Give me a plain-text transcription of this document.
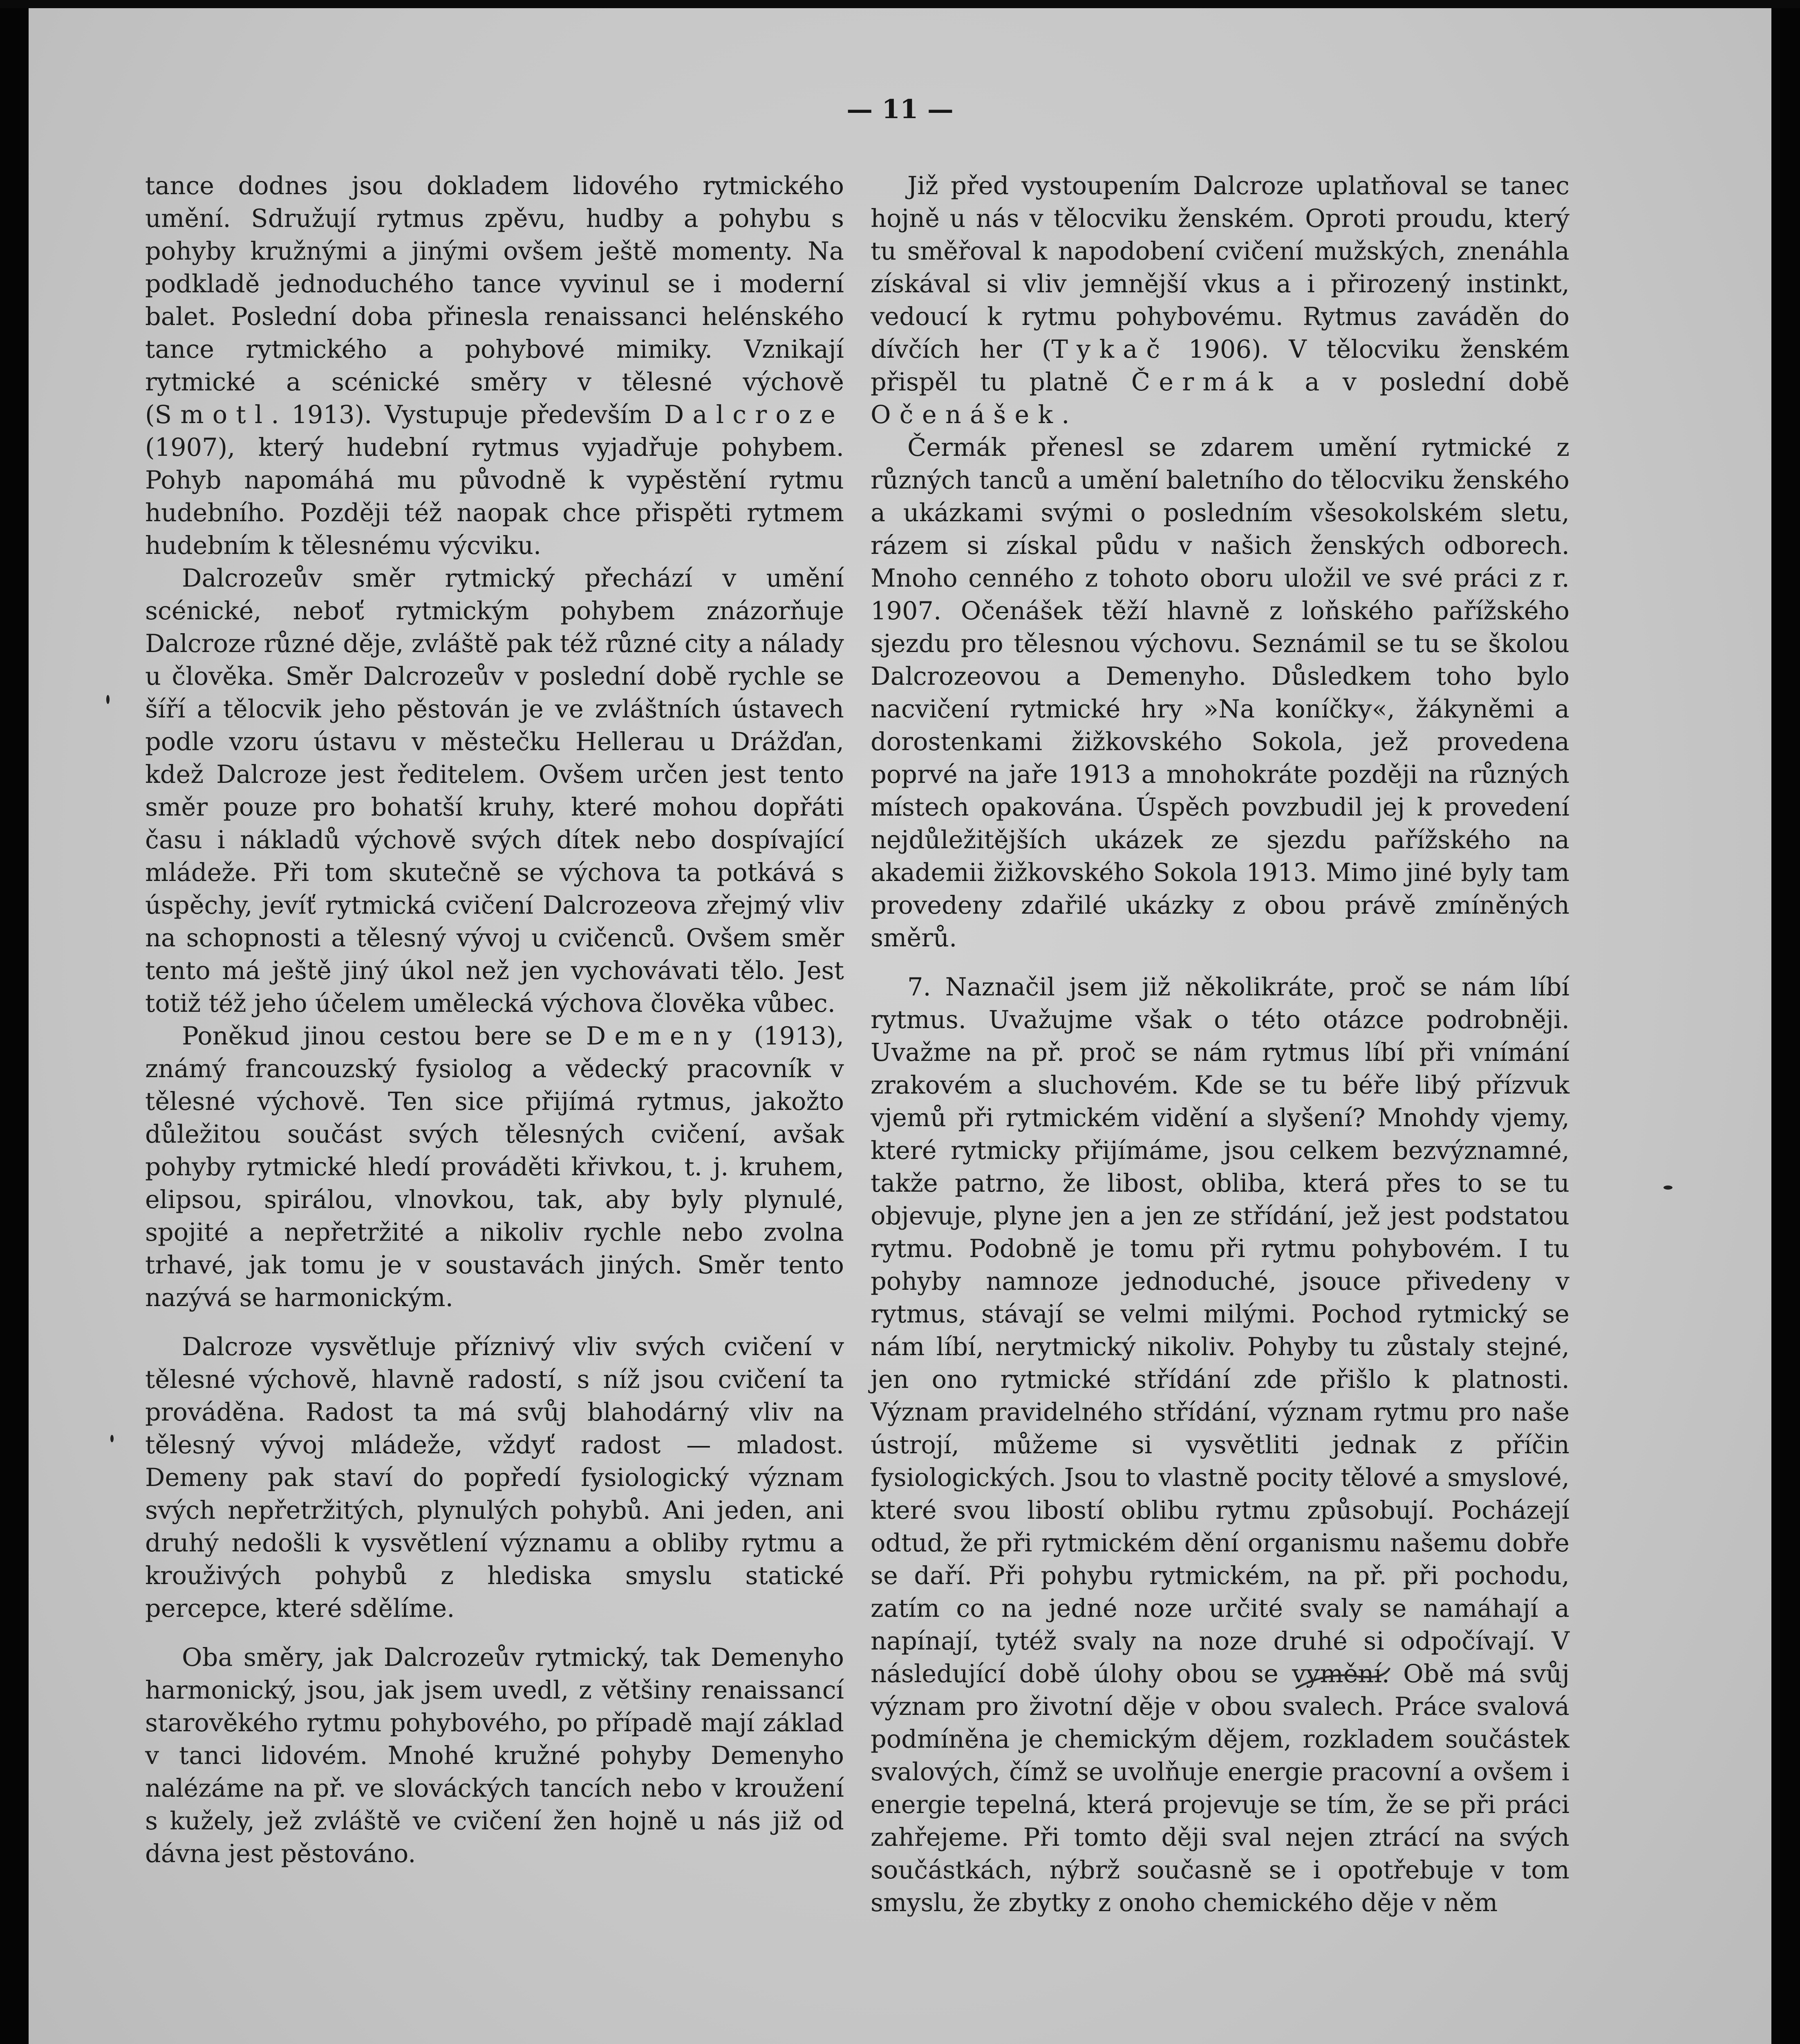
— 11 —

tance dodnes jsou dokladem lidového rytmického umění. Sdružují rytmus zpěvu, hudby a pohybu s pohyby kružnými a jinými ovšem ještě momenty. Na podkladě jednoduchého tance vyvinul se i moderní balet. Poslední doba přinesla renaissanci helénského tance rytmického a pohybové mimiky. Vznikají rytmické a scénické směry v tělesné výchově (Smotl. 1913). Vystupuje především Dalcroze (1907), který hudební rytmus vyjadřuje pohybem. Pohyb napomáhá mu původně k vypěstění rytmu hudebního. Později též naopak chce přispěti rytmem hudebním k tělesnému výcviku.

Dalcrozeův směr rytmický přechází v umění scénické, neboť rytmickým pohybem znázorňuje Dalcroze různé děje, zvláště pak též různé city a nálady u člověka. Směr Dalcrozeův v poslední době rychle se šíří a tělocvik jeho pěstován je ve zvláštních ústavech podle vzoru ústavu v městečku Hellerau u Drážďan, kdež Dalcroze jest ředitelem. Ovšem určen jest tento směr pouze pro bohatší kruhy, které mohou dopřáti času i nákladů výchově svých dítek nebo dospívající mládeže. Při tom skutečně se výchova ta potkává s úspěchy, jevíť rytmická cvičení Dalcrozeova zřejmý vliv na schopnosti a tělesný vývoj u cvičenců. Ovšem směr tento má ještě jiný úkol než jen vychovávati tělo. Jest totiž též jeho účelem umělecká výchova člověka vůbec.

Poněkud jinou cestou bere se Demeny (1913), známý francouzský fysiolog a vědecký pracovník v tělesné výchově. Ten sice přijímá rytmus, jakožto důležitou součást svých tělesných cvičení, avšak pohyby rytmické hledí prováděti křivkou, t. j. kruhem, elipsou, spirálou, vlnovkou, tak, aby byly plynulé, spojité a nepřetržité a nikoliv rychle nebo zvolna trhavé, jak tomu je v soustavách jiných. Směr tento nazývá se harmonickým.

Dalcroze vysvětluje příznivý vliv svých cvičení v tělesné výchově, hlavně radostí, s níž jsou cvičení ta prováděna. Radost ta má svůj blahodárný vliv na tělesný vývoj mládeže, vždyť radost — mladost. Demeny pak staví do popředí fysiologický význam svých nepřetržitých, plynulých pohybů. Ani jeden, ani druhý nedošli k vysvětlení významu a obliby rytmu a krouživých pohybů z hlediska smyslu statické percepce, které sdělíme.

Oba směry, jak Dalcrozeův rytmický, tak Demenyho harmonický, jsou, jak jsem uvedl, z většiny renaissancí starověkého rytmu pohybového, po případě mají základ v tanci lidovém. Mnohé kružné pohyby Demenyho nalézáme na př. ve slováckých tancích nebo v kroužení s kužely, jež zvláště ve cvičení žen hojně u nás již od dávna jest pěstováno.

Již před vystoupením Dalcroze uplatňoval se tanec hojně u nás v tělocviku ženském. Oproti proudu, který tu směřoval k napodobení cvičení mužských, znenáhla získával si vliv jemnější vkus a i přirozený instinkt, vedoucí k rytmu pohybovému. Rytmus zaváděn do dívčích her (Tykač 1906). V tělocviku ženském přispěl tu platně Čermák a v poslední době Očenášek.

Čermák přenesl se zdarem umění rytmické z různých tanců a umění baletního do tělocviku ženského a ukázkami svými o posledním všesokolském sletu, rázem si získal půdu v našich ženských odborech. Mnoho cenného z tohoto oboru uložil ve své práci z r. 1907. Očenášek těží hlavně z loňského pařížského sjezdu pro tělesnou výchovu. Seznámil se tu se školou Dalcrozeovou a Demenyho. Důsledkem toho bylo nacvičení rytmické hry »Na koníčky«, žákyněmi a dorostenkami žižkovského Sokola, jež provedena poprvé na jaře 1913 a mnohokráte později na různých místech opakována. Úspěch povzbudil jej k provedení nejdůležitějších ukázek ze sjezdu pařížského na akademii žižkovského Sokola 1913. Mimo jiné byly tam provedeny zdařilé ukázky z obou právě zmíněných směrů.

7. Naznačil jsem již několikráte, proč se nám líbí rytmus. Uvažujme však o této otázce podrobněji. Uvažme na př. proč se nám rytmus líbí při vnímání zrakovém a sluchovém. Kde se tu béře libý přízvuk vjemů při rytmickém vidění a slyšení? Mnohdy vjemy, které rytmicky přijímáme, jsou celkem bezvýznamné, takže patrno, že libost, obliba, která přes to se tu objevuje, plyne jen a jen ze střídání, jež jest podstatou rytmu. Podobně je tomu při rytmu pohybovém. I tu pohyby namnoze jednoduché, jsouce přivedeny v rytmus, stávají se velmi milými. Pochod rytmický se nám líbí, nerytmický nikoliv. Pohyby tu zůstaly stejné, jen ono rytmické střídání zde přišlo k platnosti. Význam pravidelného střídání, význam rytmu pro naše ústrojí, můžeme si vysvětliti jednak z příčin fysiologických. Jsou to vlastně pocity tělové a smyslové, které svou libostí oblibu rytmu způsobují. Pocházejí odtud, že při rytmickém dění organismu našemu dobře se daří. Při pohybu rytmickém, na př. při pochodu, zatím co na jedné noze určité svaly se namáhají a napínají, tytéž svaly na noze druhé si odpočívají. V následující době úlohy obou se vymění. Obě má svůj význam pro životní děje v obou svalech. Práce svalová podmíněna je chemickým dějem, rozkladem součástek svalových, čímž se uvolňuje energie pracovní a ovšem i energie tepelná, která projevuje se tím, že se při práci zahřejeme. Při tomto ději sval nejen ztrácí na svých součástkách, nýbrž současně se i opotřebuje v tom smyslu, že zbytky z onoho chemického děje v něm
